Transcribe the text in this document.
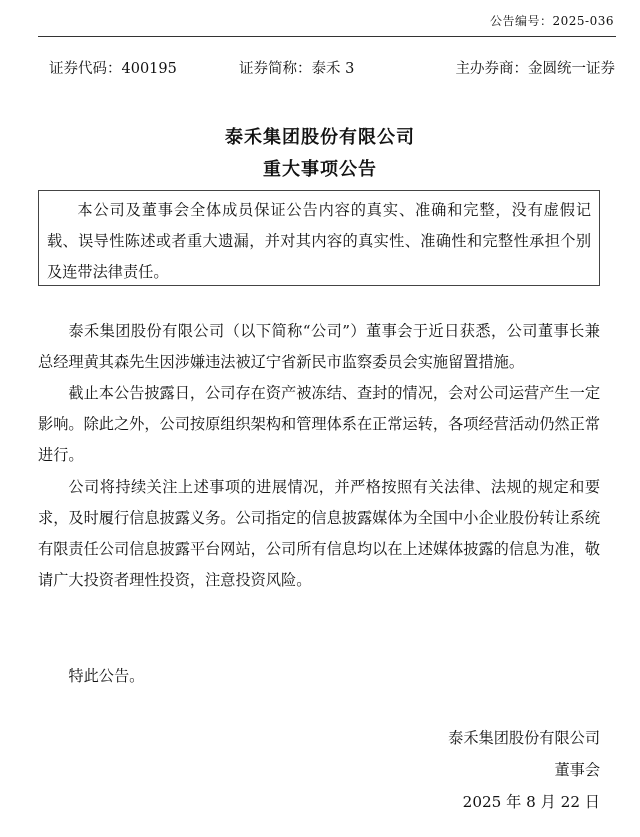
公告编号：2025-036
证券代码：400195	证券简称：泰禾 3	主办券商：金圆统一证券
泰禾集团股份有限公司
重大事项公告
本公司及董事会全体成员保证公告内容的真实、准确和完整，没有虚假记载、误导性陈述或者重大遗漏，并对其内容的真实性、准确性和完整性承担个别及连带法律责任。

泰禾集团股份有限公司（以下简称“公司”）董事会于近日获悉，公司董事长兼总经理黄其森先生因涉嫌违法被辽宁省新民市监察委员会实施留置措施。

截止本公告披露日，公司存在资产被冻结、查封的情况，会对公司运营产生一定影响。除此之外，公司按原组织架构和管理体系在正常运转，各项经营活动仍然正常进行。

公司将持续关注上述事项的进展情况，并严格按照有关法律、法规的规定和要求，及时履行信息披露义务。公司指定的信息披露媒体为全国中小企业股份转让系统有限责任公司信息披露平台网站，公司所有信息均以在上述媒体披露的信息为准，敬请广大投资者理性投资，注意投资风险。

特此公告。

泰禾集团股份有限公司
董事会
2025 年 8 月 22 日
